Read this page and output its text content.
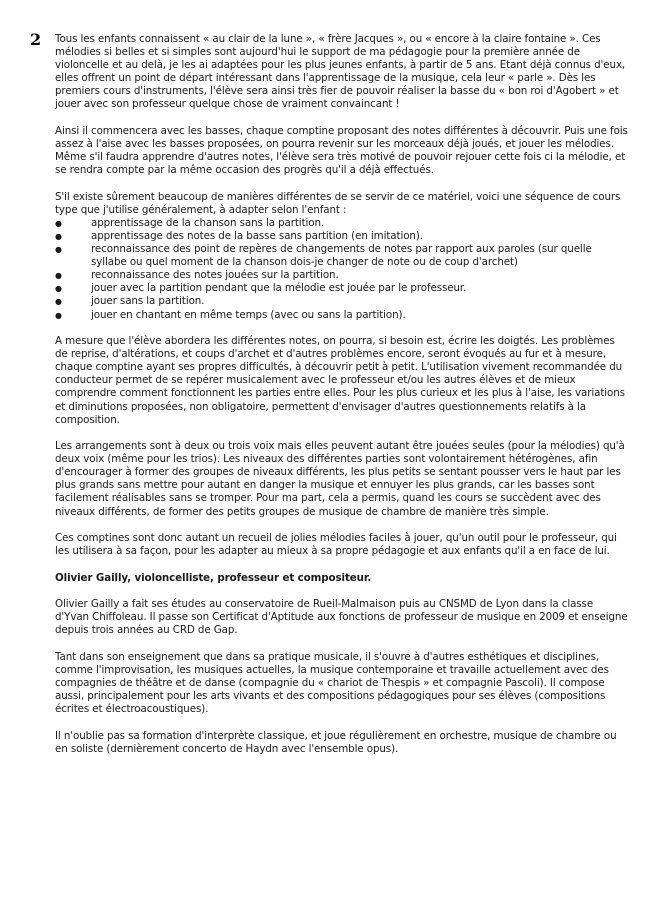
2 Tous les enfants connaissent « au clair de la lune », « frère Jacques », ou « encore à la claire fontaine ». Ces mélodies si belles et si simples sont aujourd'hui le support de ma pédagogie pour la première année de violoncelle et au delà, je les ai adaptées pour les plus jeunes enfants, à partir de 5 ans. Etant déjà connus d'eux, elles offrent un point de départ intéressant dans l'apprentissage de la musique, cela leur « parle ». Dès les premiers cours d'instruments, l'élève sera ainsi très fier de pouvoir réaliser la basse du « bon roi d'Agobert » et jouer avec son professeur quelque chose de vraiment convaincant !

Ainsi il commencera avec les basses, chaque comptine proposant des notes différentes à découvrir. Puis une fois assez à l'aise avec les basses proposées, on pourra revenir sur les morceaux déjà joués, et jouer les mélodies. Même s'il faudra apprendre d'autres notes, l'élève sera très motivé de pouvoir rejouer cette fois ci la mélodie, et se rendra compte par la même occasion des progrès qu'il a déjà effectués.

S'il existe sûrement beaucoup de manières différentes de se servir de ce matériel, voici une séquence de cours type que j'utilise généralement, à adapter selon l'enfant :

● apprentissage de la chanson sans la partition.
● apprentissage des notes de la basse sans partition (en imitation).
● reconnaissance des point de repères de changements de notes par rapport aux paroles (sur quelle syllabe ou quel moment de la chanson dois-je changer de note ou de coup d'archet)
● reconnaissance des notes jouées sur la partition.
● jouer avec la partition pendant que la mélodie est jouée par le professeur.
● jouer sans la partition.
● jouer en chantant en même temps (avec ou sans la partition).

A mesure que l'élève abordera les différentes notes, on pourra, si besoin est, écrire les doigtés. Les problèmes de reprise, d'altérations, et coups d'archet et d'autres problèmes encore, seront évoqués au fur et à mesure, chaque comptine ayant ses propres difficultés, à découvrir petit à petit. L'utilisation vivement recommandée du conducteur permet de se repérer musicalement avec le professeur et/ou les autres élèves et de mieux comprendre comment fonctionnent les parties entre elles. Pour les plus curieux et les plus à l'aise, les variations et diminutions proposées, non obligatoire, permettent d'envisager d'autres questionnements relatifs à la composition.

Les arrangements sont à deux ou trois voix mais elles peuvent autant être jouées seules (pour la mélodies) qu'à deux voix (même pour les trios). Les niveaux des différentes parties sont volontairement hétérogènes, afin d'encourager à former des groupes de niveaux différents, les plus petits se sentant pousser vers le haut par les plus grands sans mettre pour autant en danger la musique et ennuyer les plus grands, car les basses sont facilement réalisables sans se tromper. Pour ma part, cela a permis, quand les cours se succèdent avec des niveaux différents, de former des petits groupes de musique de chambre de manière très simple.

Ces comptines sont donc autant un recueil de jolies mélodies faciles à jouer, qu'un outil pour le professeur, qui les utilisera à sa façon, pour les adapter au mieux à sa propre pédagogie et aux enfants qu'il a en face de lui.

Olivier Gailly, violoncelliste, professeur et compositeur.

Olivier Gailly a fait ses études au conservatoire de Rueil-Malmaison puis au CNSMD de Lyon dans la classe d'Yvan Chiffoleau. Il passe son Certificat d'Aptitude aux fonctions de professeur de musique en 2009 et enseigne depuis trois années au CRD de Gap.

Tant dans son enseignement que dans sa pratique musicale, il s'ouvre à d'autres esthétiques et disciplines, comme l'improvisation, les musiques actuelles, la musique contemporaine et travaille actuellement avec des compagnies de théâtre et de danse (compagnie du « chariot de Thespis » et compagnie Pascoli). Il compose aussi, principalement pour les arts vivants et des compositions pédagogiques pour ses élèves (compositions écrites et électroacoustiques).

Il n'oublie pas sa formation d'interprète classique, et joue régulièrement en orchestre, musique de chambre ou en soliste (dernièrement concerto de Haydn avec l'ensemble opus).
